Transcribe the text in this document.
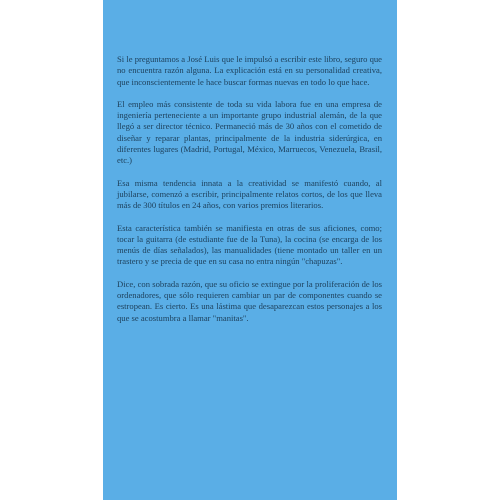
Si le preguntamos a José Luis que le impulsó a escribir este libro, seguro que no encuentra razón alguna. La explicación está en su personalidad creativa, que inconscientemente le hace buscar formas nuevas en todo lo que hace.

El empleo más consistente de toda su vida labora fue en una empresa de ingeniería perteneciente a un importante grupo industrial alemán, de la que llegó a ser director técnico. Permaneció más de 30 años con el cometido de diseñar y reparar plantas, principalmente de la industria siderúrgica, en diferentes lugares (Madrid, Portugal, México, Marruecos, Venezuela, Brasil, etc.)

Esa misma tendencia innata a la creatividad se manifestó cuando, al jubilarse, comenzó a escribir, principalmente relatos cortos, de los que lleva más de 300 títulos en 24 años, con varios premios literarios.

Esta característica también se manifiesta en otras de sus aficiones, como; tocar la guitarra (de estudiante fue de la Tuna), la cocina (se encarga de los menús de días señalados), las manualidades (tiene montado un taller en un trastero y se precia de que en su casa no entra ningún "chapuzas".

Dice, con sobrada razón, que su oficio se extingue por la proliferación de los ordenadores, que sólo requieren cambiar un par de componentes cuando se estropean. Es cierto. Es una lástima que desaparezcan estos personajes a los que se acostumbra a llamar "manitas".
